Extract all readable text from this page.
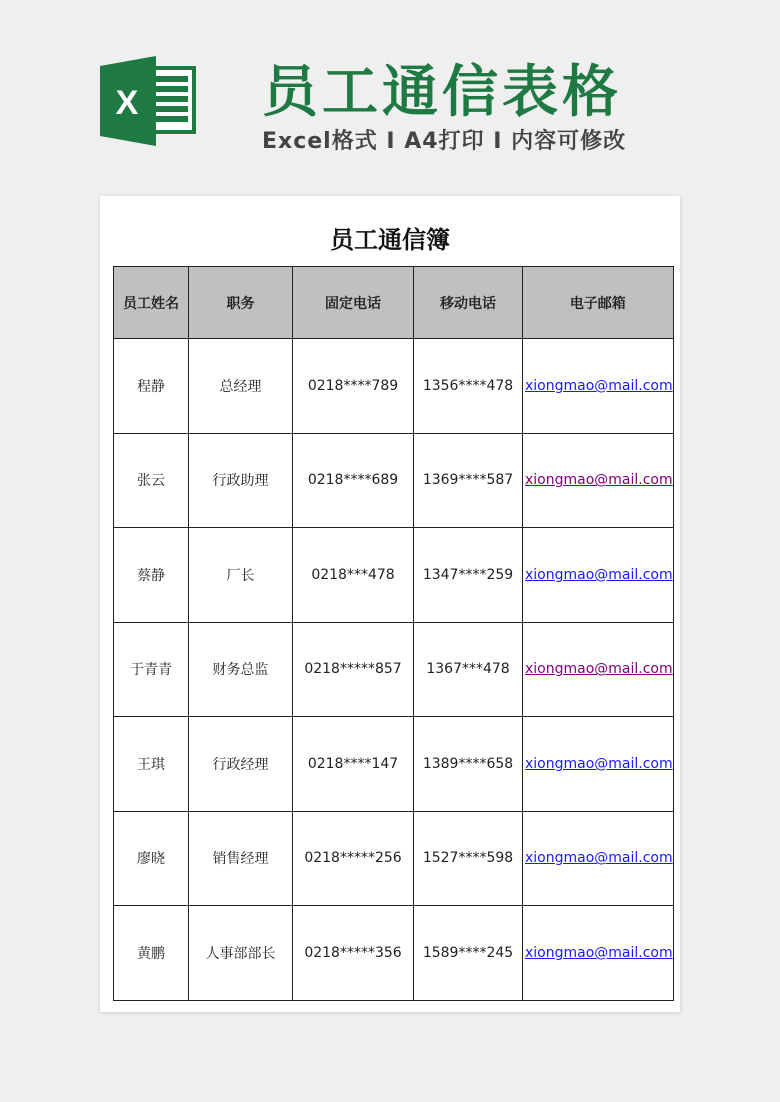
X 员工通信表格
Excel格式 I A4打印 I 内容可修改
员工通信簿
员工姓名	职务	固定电话	移动电话	电子邮箱
程静	总经理	0218****789	1356****478	xiongmao@mail.com
张云	行政助理	0218****689	1369****587	xiongmao@mail.com
蔡静	厂长	0218***478	1347****259	xiongmao@mail.com
于青青	财务总监	0218*****857	1367***478	xiongmao@mail.com
王琪	行政经理	0218****147	1389****658	xiongmao@mail.com
廖晓	销售经理	0218*****256	1527****598	xiongmao@mail.com
黄鹏	人事部部长	0218*****356	1589****245	xiongmao@mail.com
